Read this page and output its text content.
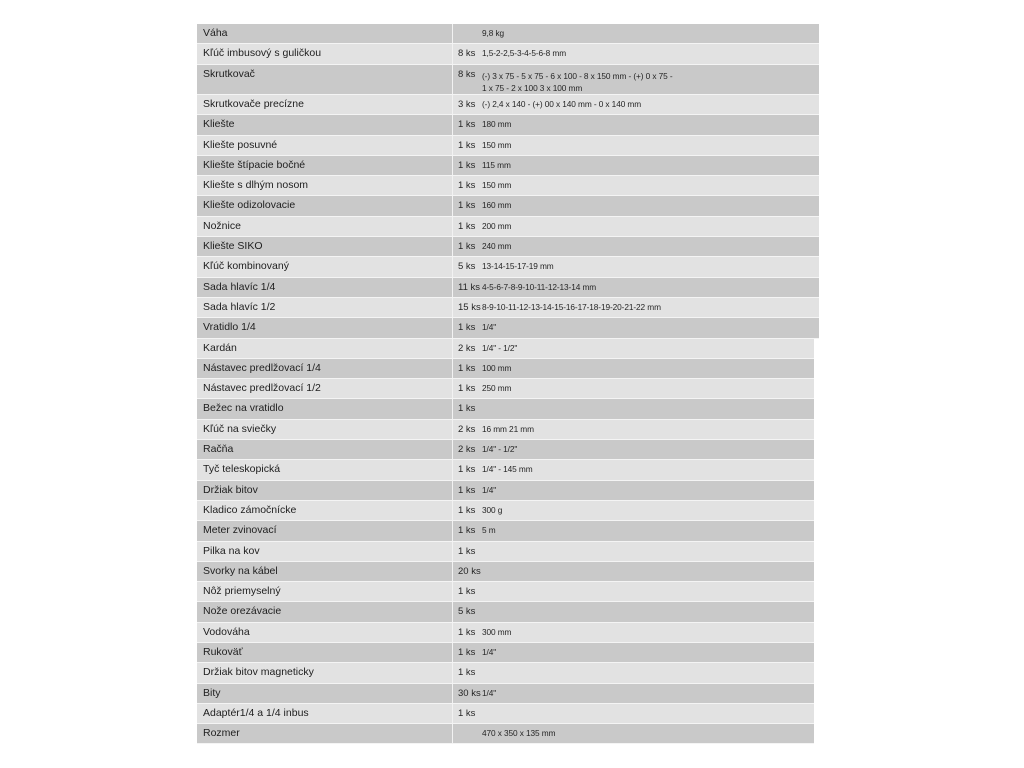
Váha	9,8 kg
Kľúč imbusový s guličkou	8 ks 1,5-2-2,5-3-4-5-6-8 mm
Skrutkovač	8 ks (-) 3 x 75 - 5 x 75 - 6 x 100 - 8 x 150 mm - (+) 0 x 75 -
1 x 75 - 2 x 100 3 x 100 mm
Skrutkovače precízne	3 ks (-) 2,4 x 140 - (+) 00 x 140 mm - 0 x 140 mm
Kliešte	1 ks 180 mm
Kliešte posuvné	1 ks 150 mm
Kliešte štípacie bočné	1 ks 115 mm
Kliešte s dlhým nosom	1 ks 150 mm
Kliešte odizolovacie	1 ks 160 mm
Nožnice	1 ks 200 mm
Kliešte SIKO	1 ks 240 mm
Kľúč kombinovaný	5 ks 13-14-15-17-19 mm
Sada hlavíc 1/4	11 ks 4-5-6-7-8-9-10-11-12-13-14 mm
Sada hlavíc 1/2	15 ks 8-9-10-11-12-13-14-15-16-17-18-19-20-21-22 mm
Vratidlo 1/4	1 ks 1/4"
Kardán	2 ks 1/4" - 1/2"
Nástavec predlžovací 1/4	1 ks 100 mm
Nástavec predlžovací 1/2	1 ks 250 mm
Bežec na vratidlo	1 ks
Kľúč na sviečky	2 ks 16 mm 21 mm
Račňa	2 ks 1/4" - 1/2"
Tyč teleskopická	1 ks 1/4" - 145 mm
Držiak bitov	1 ks 1/4"
Kladico zámočnícke	1 ks 300 g
Meter zvinovací	1 ks 5 m
Pilka na kov	1 ks
Svorky na kábel	20 ks
Nôž priemyselný	1 ks
Nože orezávacie	5 ks
Vodováha	1 ks 300 mm
Rukoväť	1 ks 1/4"
Držiak bitov magneticky	1 ks
Bity	30 ks 1/4"
Adaptér1/4 a 1/4 inbus	1 ks
Rozmer	470 x 350 x 135 mm
